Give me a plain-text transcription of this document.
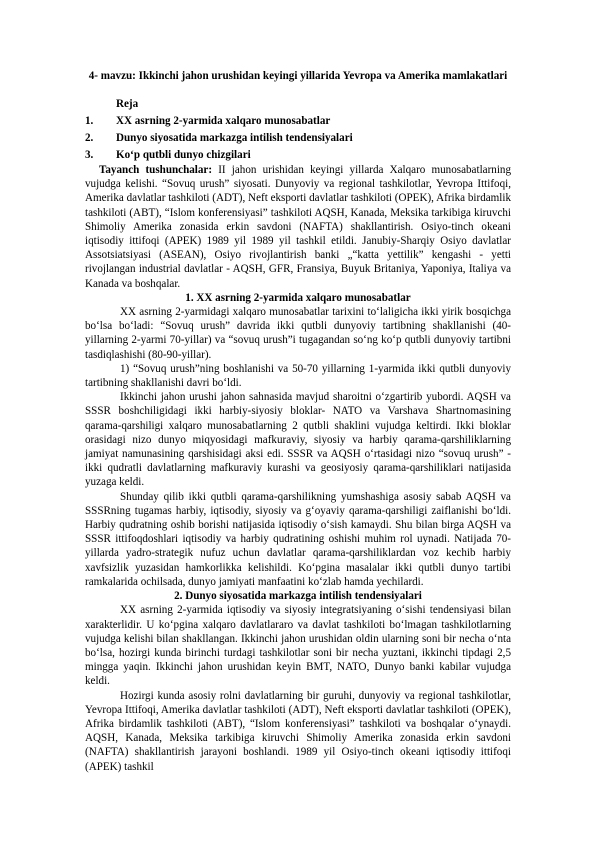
4- mavzu: Ikkinchi jahon urushidan keyingi yillarida Yevropa va Amerika mamlakatlari
Reja
1. XX asrning 2-yarmida xalqaro munosabatlar
2. Dunyo siyosatida markazga intilish tendensiyalari
3. Ko‘p qutbli dunyo chizgilari

Tayanch tushunchalar: II jahon urishidan keyingi yillarda Xalqaro munosabatlarning vujudga kelishi. “Sovuq urush” siyosati. Dunyoviy va regional tashkilotlar, Yevropa Ittifoqi, Amerika davlatlar tashkiloti (ADT), Neft eksporti davlatlar tashkiloti (OPEK), Afrika birdamlik tashkiloti (ABT), “Islom konferensiyasi” tashkiloti AQSH, Kanada, Meksika tarkibiga kiruvchi Shimoliy Amerika zonasida erkin savdoni (NAFTA) shakllantirish. Osiyo-tinch okeani iqtisodiy ittifoqi (APEK) 1989 yil 1989 yil tashkil etildi. Janubiy-Sharqiy Osiyo davlatlar Assotsiatsiyasi (ASEAN), Osiyo rivojlantirish banki „“katta yettilik” kengashi - yetti rivojlangan industrial davlatlar - AQSH, GFR, Fransiya, Buyuk Britaniya, Yaponiya, Italiya va Kanada va boshqalar.

1. XX asrning 2-yarmida xalqaro munosabatlar

XX asrning 2-yarmidagi xalqaro munosabatlar tarixini to‘laligicha ikki yirik bosqichga bo‘lsa bo‘ladi: “Sovuq urush” davrida ikki qutbli dunyoviy tartibning shakllanishi (40-yillarning 2-yarmi 70-yillar) va “sovuq urush”i tugagandan so‘ng ko‘p qutbli dunyoviy tartibni tasdiqlashishi (80-90-yillar).

1) “Sovuq urush”ning boshlanishi va 50-70 yillarning 1-yarmida ikki qutbli dunyoviy tartibning shakllanishi davri bo‘ldi.

Ikkinchi jahon urushi jahon sahnasida mavjud sharoitni o‘zgartirib yubordi. AQSH va SSSR boshchiligidagi ikki harbiy-siyosiy bloklar- NATO va Varshava Shartnomasining qarama-qarshiligi xalqaro munosabatlarning 2 qutbli shaklini vujudga keltirdi. Ikki bloklar orasidagi nizo dunyo miqyosidagi mafkuraviy, siyosiy va harbiy qarama-qarshiliklarning jamiyat namunasining qarshisidagi aksi edi. SSSR va AQSH o‘rtasidagi nizo “sovuq urush” - ikki qudratli davlatlarning mafkuraviy kurashi va geosiyosiy qarama-qarshiliklari natijasida yuzaga keldi.

Shunday qilib ikki qutbli qarama-qarshilikning yumshashiga asosiy sabab AQSH va SSSRning tugamas harbiy, iqtisodiy, siyosiy va g‘oyaviy qarama-qarshiligi zaiflanishi bo‘ldi. Harbiy qudratning oshib borishi natijasida iqtisodiy o‘sish kamaydi. Shu bilan birga AQSH va SSSR ittifoqdoshlari iqtisodiy va harbiy qudratining oshishi muhim rol uynadi. Natijada 70-yillarda yadro-strategik nufuz uchun davlatlar qarama-qarshiliklardan voz kechib harbiy xavfsizlik yuzasidan hamkorlikka kelishildi. Ko‘pgina masalalar ikki qutbli dunyo tartibi ramkalarida ochilsada, dunyo jamiyati manfaatini ko‘zlab hamda yechilardi.

2. Dunyo siyosatida markazga intilish tendensiyalari

XX asrning 2-yarmida iqtisodiy va siyosiy integratsiyaning o‘sishi tendensiyasi bilan xarakterlidir. U ko‘pgina xalqaro davlatlararo va davlat tashkiloti bo‘lmagan tashkilotlarning vujudga kelishi bilan shakllangan. Ikkinchi jahon urushidan oldin ularning soni bir necha o‘nta bo‘lsa, hozirgi kunda birinchi turdagi tashkilotlar soni bir necha yuztani, ikkinchi tipdagi 2,5 mingga yaqin. Ikkinchi jahon urushidan keyin BMT, NATO, Dunyo banki kabilar vujudga keldi.

Hozirgi kunda asosiy rolni davlatlarning bir guruhi, dunyoviy va regional tashkilotlar, Yevropa Ittifoqi, Amerika davlatlar tashkiloti (ADT), Neft eksporti davlatlar tashkiloti (OPEK), Afrika birdamlik tashkiloti (ABT), “Islom konferensiyasi” tashkiloti va boshqalar o‘ynaydi. AQSH, Kanada, Meksika tarkibiga kiruvchi Shimoliy Amerika zonasida erkin savdoni (NAFTA) shakllantirish jarayoni boshlandi. 1989 yil Osiyo-tinch okeani iqtisodiy ittifoqi (APEK) tashkil
